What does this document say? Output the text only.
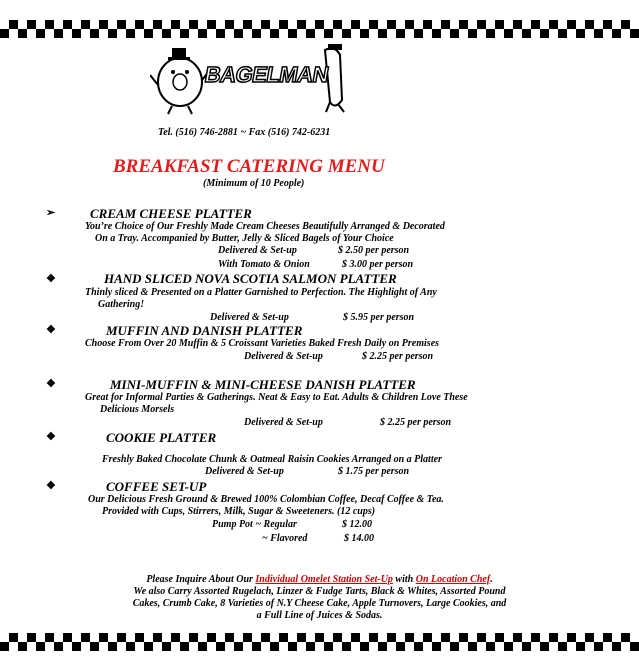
BAGELMAN
Tel. (516) 746-2881 ~ Fax (516) 742-6231
BREAKFAST CATERING MENU
(Minimum of 10 People)
➢	CREAM CHEESE PLATTER
You’re Choice of Our Freshly Made Cream Cheeses Beautifully Arranged & Decorated
On a Tray. Accompanied by Butter, Jelly & Sliced Bagels of Your Choice
Delivered & Set-up	$ 2.50 per person
With Tomato & Onion	$ 3.00 per person
❖	HAND SLICED NOVA SCOTIA SALMON PLATTER
Thinly sliced & Presented on a Platter Garnished to Perfection. The Highlight of Any
Gathering!
Delivered & Set-up	$ 5.95 per person
❖	MUFFIN AND DANISH PLATTER
Choose From Over 20 Muffin & 5 Croissant Varieties Baked Fresh Daily on Premises
Delivered & Set-up	$ 2.25 per person
❖	MINI-MUFFIN & MINI-CHEESE DANISH PLATTER
Great for Informal Parties & Gatherings. Neat & Easy to Eat. Adults & Children Love These
Delicious Morsels
Delivered & Set-up	$ 2.25 per person
❖	COOKIE PLATTER
Freshly Baked Chocolate Chunk & Oatmeal Raisin Cookies Arranged on a Platter
Delivered & Set-up	$ 1.75 per person
❖	COFFEE SET-UP
Our Delicious Fresh Ground & Brewed 100% Colombian Coffee, Decaf Coffee & Tea.
Provided with Cups, Stirrers, Milk, Sugar & Sweeteners. (12 cups)
Pump Pot ~ Regular	$ 12.00
~ Flavored	$ 14.00
Please Inquire About Our Individual Omelet Station Set-Up with On Location Chef.
We also Carry Assorted Rugelach, Linzer & Fudge Tarts, Black & Whites, Assorted Pound
Cakes, Crumb Cake, 8 Varieties of N.Y Cheese Cake, Apple Turnovers, Large Cookies, and
a Full Line of Juices & Sodas.
